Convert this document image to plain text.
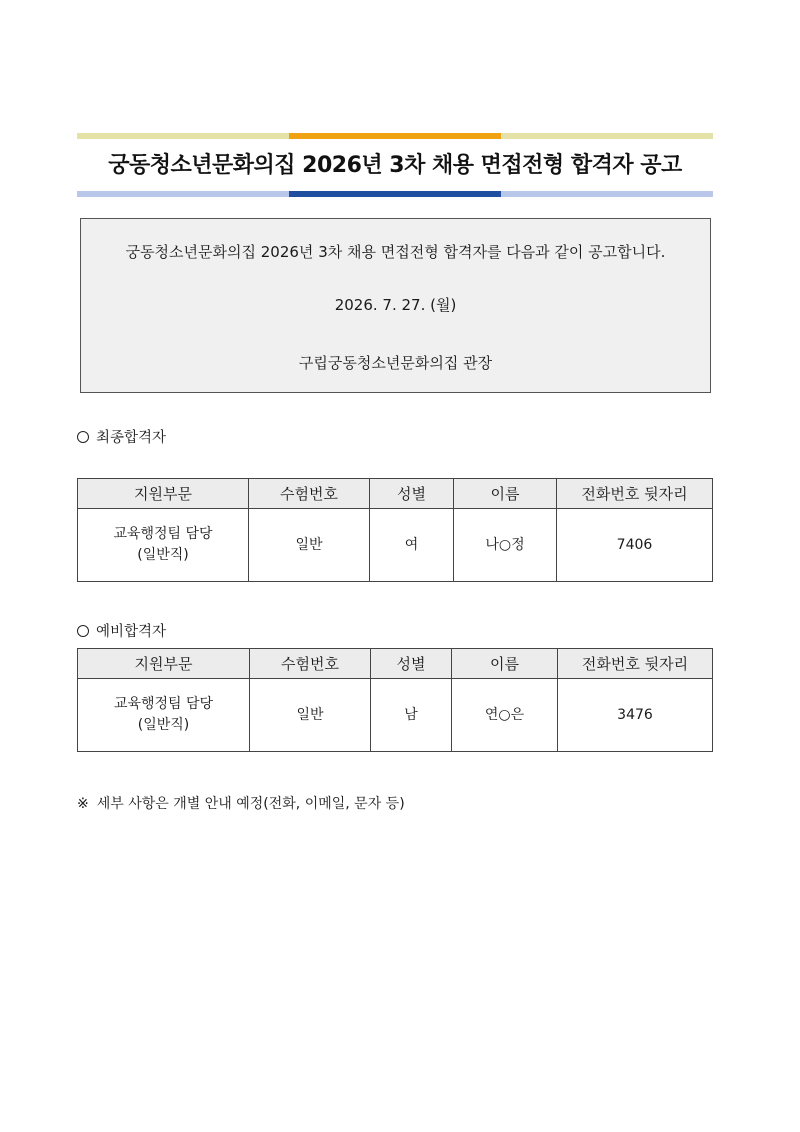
궁동청소년문화의집 2026년 3차 채용 면접전형 합격자 공고
궁동청소년문화의집 2026년 3차 채용 면접전형 합격자를 다음과 같이 공고합니다.
2026. 7. 27. (월)
구립궁동청소년문화의집 관장
최종합격자
지원부문	수험번호	성별	이름	전화번호 뒷자리

교육행정팀 담당
(일반직)	일반	여	나○정	7406
예비합격자
지원부문	수험번호	성별	이름	전화번호 뒷자리

교육행정팀 담당
(일반직)	일반	남	연○은	3476
※ 세부 사항은 개별 안내 예정(전화, 이메일, 문자 등)
